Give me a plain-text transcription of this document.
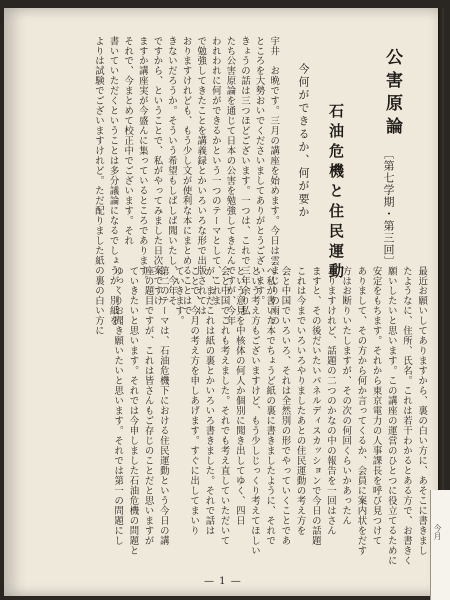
公害原論
〔第七学期・第三回〕
石油危機と住民運動
今何ができるか、何が要か
宇井　お晩です。三月の講座を始めます。今日は雲まじりの雨の
ところを大勢おいでくださいましてありがとうございます。
きょうの話は三つほどございます。一つは、これで三年余り私
たち公害原論を通じて日本の公害を勉強してきたんですが、今年
われわれに何ができるかという一つのテーマとして、これま
で勉強してきたことを講義録とかいろいろな形で出版されては
おりますけれども、もう少し文が使利な本にまとめることはで
きないだろうか。そういう希望もしばしば聞いたし、今年そ
ですから、ということで、私がやってみました日次案ですけ
ますか講座実が今盛んに集っているところであります。
それで、今まとめて校正中でございます。それ
書いていただくということは多分議論になるでしょうが、別紙を
よりは試験でございますけれど。ただ配りました紙の裏の白い方に
最近お願いしてありますから、裏の白い方に、あそこに書きまし
たようなに、住所、氏名。これは若干わかるとある方で、お書きく
願いしたいと思います。この講座の運営のひとつに役立てるために
安定をもちます。それから東京電力の人事課長を呼び見つけて
ありまして、その方から何か言ってくるか、会員に案内状をだす
方はお断りいたしますが、その次の何回くらいかあったん
ありますけれど、話題の二つのかなの中の報告を一回はさん
ますと、その後だいたいパネルディスカッションで今日の話題
これは今までいろいろやりましたあとの住民運動の考え方を
会と中国でいろいろ、それは全然別の形でやっていくことであ
へ私が書いた本でちょうど紙の裏に書きましたように、それで
という考え方もございますけど、もう少しじっくり考えてほしい
という意見を中核体の何人か個別に聞き出してゆく、四日
会と中国でこれも考えました。それでも考え直していただいて
が、まだこれは紙の裏とかいろいろ書きました。それで話は
ことで、今月の考え方を申しあげます。すぐに出してまいり
ていきます。
第二のテーマは、石油危機下における住民運動という今日の講
座の題目ですが、これは皆さんもご存じのことだと思いますが
ていきたいと思います。それでは今申しました石油危機の問題と
ゆっくりお聞き願いたいと思います。それでは第一の問題にし
— 1 —
今月
